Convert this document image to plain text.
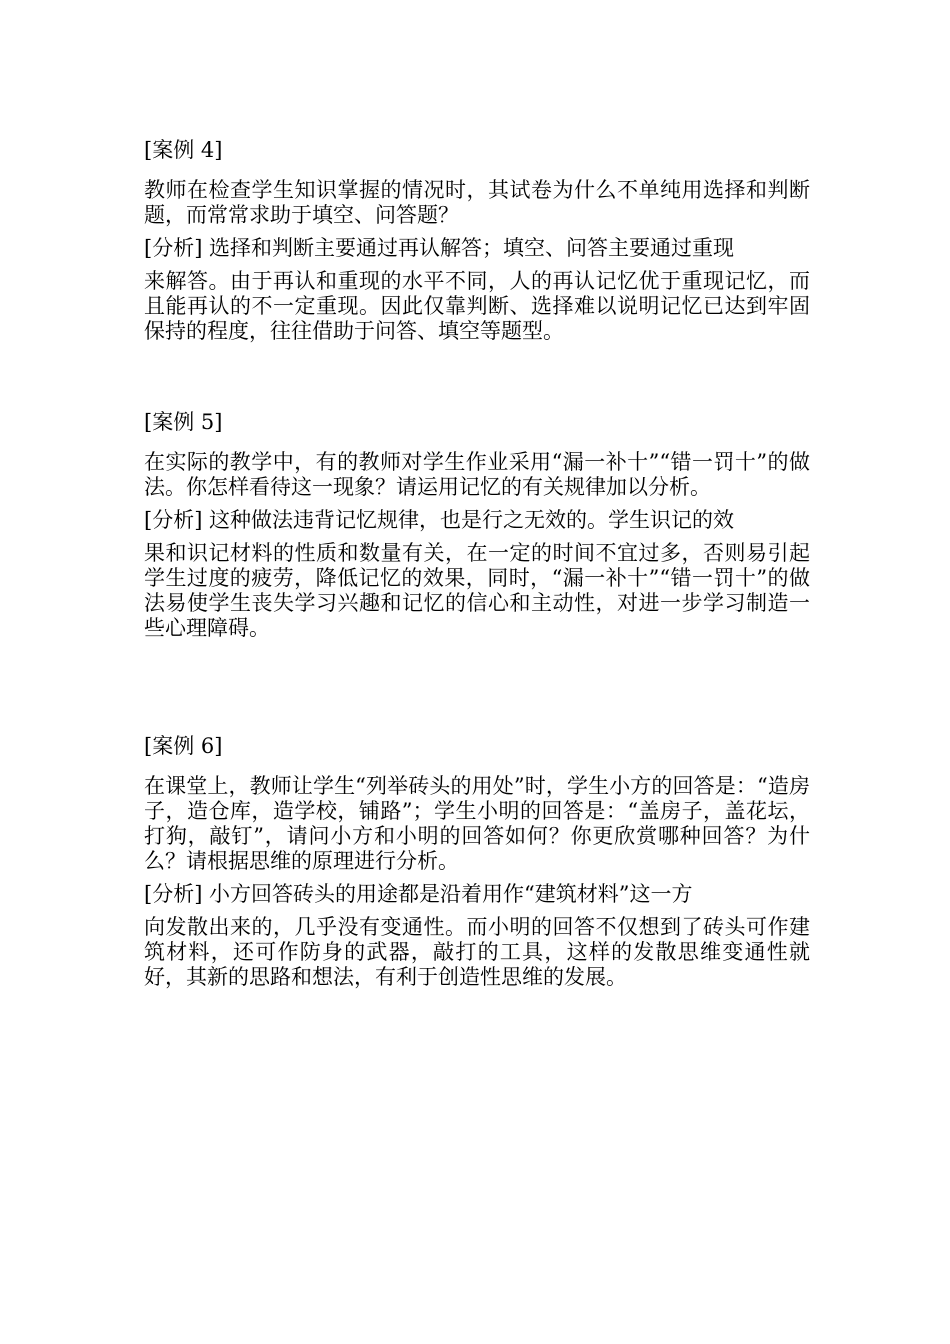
[案例 4]

教师在检查学生知识掌握的情况时，其试卷为什么不单纯用选择和判断题，而常常求助于填空、问答题？

[分析] 选择和判断主要通过再认解答；填空、问答主要通过重现

来解答。由于再认和重现的水平不同，人的再认记忆优于重现记忆，而且能再认的不一定重现。因此仅靠判断、选择难以说明记忆已达到牢固保持的程度，往往借助于问答、填空等题型。

[案例 5]

在实际的教学中，有的教师对学生作业采用“漏一补十”“错一罚十”的做法。你怎样看待这一现象？请运用记忆的有关规律加以分析。

[分析] 这种做法违背记忆规律，也是行之无效的。学生识记的效

果和识记材料的性质和数量有关，在一定的时间不宜过多，否则易引起学生过度的疲劳，降低记忆的效果，同时，“漏一补十”“错一罚十”的做法易使学生丧失学习兴趣和记忆的信心和主动性，对进一步学习制造一些心理障碍。

[案例 6]

在课堂上，教师让学生“列举砖头的用处”时，学生小方的回答是：“造房子，造仓库，造学校，铺路”；学生小明的回答是：“盖房子，盖花坛，打狗，敲钉”，请问小方和小明的回答如何？你更欣赏哪种回答？为什么？请根据思维的原理进行分析。

[分析] 小方回答砖头的用途都是沿着用作“建筑材料”这一方

向发散出来的，几乎没有变通性。而小明的回答不仅想到了砖头可作建筑材料，还可作防身的武器，敲打的工具，这样的发散思维变通性就好，其新的思路和想法，有利于创造性思维的发展。
